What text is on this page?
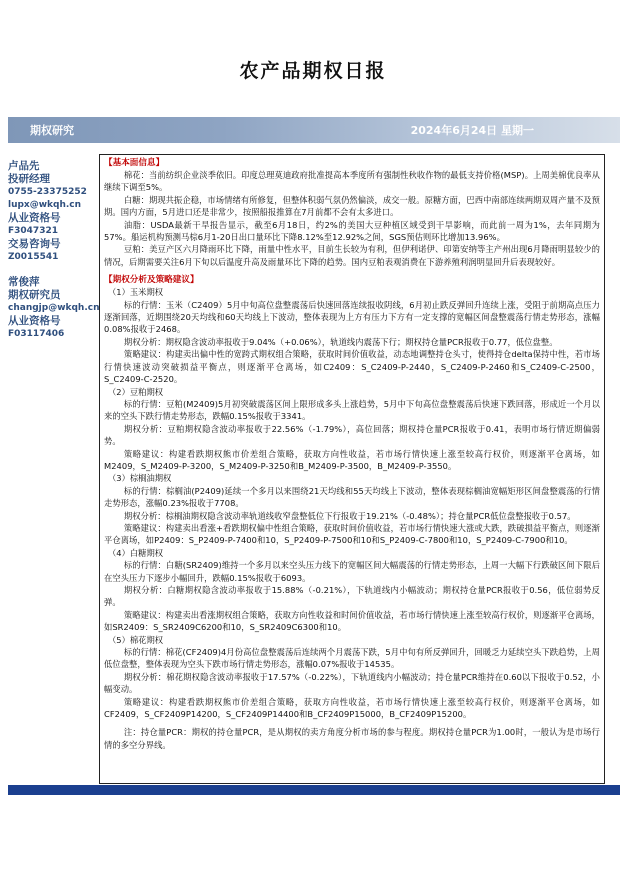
农产品期权日报
期权研究	2024年6月24日 星期一
卢品先
投研经理
0755-23375252
lupx@wkqh.cn
从业资格号
F3047321
交易咨询号
Z0015541
常俊萍
期权研究员
changjp@wkqh.cn
从业资格号
F03117406
【基本面信息】
棉花：当前纺织企业淡季依旧。印度总理莫迪政府批准提高本季度所有强制性秋收作物的最低支持价格(MSP)。上周美棉优良率从继续下调至5%。
白糖：期现共振企稳，市场情绪有所修复，但整体积弱气氛仍然偏淡，成交一般。原糖方面，巴西中南部连续两期双周产量不及预期。国内方面，5月进口还是非常少，按照船报推算在7月前都不会有太多进口。
油脂：USDA最新干旱报告显示，截至6月18日，约2%的美国大豆种植区域受到干旱影响，而此前一周为1%，去年同期为57%。船运机构预测马棕6月1-20日出口量环比下降8.12%至12.92%之间，SGS预估则环比增加13.96%。
豆粕：美豆产区六月降雨环比下降，雨量中性水平，目前生长较为有利，但伊利诺伊、印第安纳等主产州出现6月降雨明显较少的情况，后期需要关注6月下旬以后温度升高及雨量环比下降的趋势。国内豆粕表观消费在下游养殖利润明显回升后表现较好。
【期权分析及策略建议】
（1）玉米期权
标的行情：玉米（C2409）5月中旬高位盘整震荡后快速回落连续报收阴线，6月初止跌反弹回升连续上涨，受阻于前期高点压力逐渐回落，近期围绕20天均线和60天均线上下波动，整体表现为上方有压力下方有一定支撑的宽幅区间盘整震荡行情走势形态，涨幅0.08%报收于2468。
期权分析：期权隐含波动率报收于9.04%（+0.06%），轨道线内震荡下行；期权持仓量PCR报收于0.77，低位盘整。
策略建议：构建卖出偏中性的宽跨式期权组合策略，获取时间价值收益，动态地调整持仓头寸，使得持仓delta保持中性，若市场行情快速波动突破损益平衡点，则逐渐平仓离场，如C2409：S_C2409-P-2440，S_C2409-P-2460和S_C2409-C-2500，S_C2409-C-2520。
（2）豆粕期权
标的行情：豆粕(M2409)5月初突破震荡区间上限形成多头上涨趋势，5月中下旬高位盘整震荡后快速下跌回落，形成近一个月以来的空头下跌行情走势形态，跌幅0.15%报收于3341。
期权分析：豆粕期权隐含波动率报收于22.56%（-1.79%），高位回落；期权持仓量PCR报收于0.41，表明市场行情近期偏弱势。
策略建议：构建看跌期权熊市价差组合策略，获取方向性收益，若市场行情快速上涨至较高行权价，则逐渐平仓离场，如M2409，S_M2409-P-3200，S_M2409-P-3250和B_M2409-P-3500，B_M2409-P-3550。
（3）棕榈油期权
标的行情：棕榈油(P2409)延续一个多月以来围绕21天均线和55天均线上下波动，整体表现棕榈油宽幅矩形区间盘整震荡的行情走势形态，涨幅0.23%报收于7708。
期权分析：棕榈油期权隐含波动率轨道线收窄盘整低位下行报收于19.21%（-0.48%）；持仓量PCR低位盘整报收于0.57。
策略建议：构建卖出看涨+看跌期权偏中性组合策略，获取时间价值收益，若市场行情快速大涨或大跌，跌破损益平衡点，则逐渐平仓离场，如P2409：S_P2409-P-7400和10，S_P2409-P-7500和10和S_P2409-C-7800和10，S_P2409-C-7900和10。
（4）白糖期权
标的行情：白糖(SR2409)维持一个多月以来空头压力线下的宽幅区间大幅震荡的行情走势形态，上周一大幅下行跌破区间下限后在空头压力下逐步小幅回升，跌幅0.15%报收于6093。
期权分析：白糖期权隐含波动率报收于15.88%（-0.21%），下轨道线内小幅波动；期权持仓量PCR报收于0.56，低位弱势反弹。
策略建议：构建卖出看涨期权组合策略，获取方向性收益和时间价值收益，若市场行情快速上涨至较高行权价，则逐渐平仓离场，如SR2409：S_SR2409C6200和10，S_SR2409C6300和10。
（5）棉花期权
标的行情：棉花(CF2409)4月份高位盘整震荡后连续两个月震荡下跌，5月中旬有所反弹回升，回暖乏力延续空头下跌趋势，上周低位盘整，整体表现为空头下跌市场行情走势形态，涨幅0.07%报收于14535。
期权分析：棉花期权隐含波动率报收于17.57%（-0.22%），下轨道线内小幅波动；持仓量PCR维持在0.60以下报收于0.52，小幅变动。
策略建议：构建看跌期权熊市价差组合策略，获取方向性收益，若市场行情快速上涨至较高行权价，则逐渐平仓离场，如CF2409，S_CF2409P14200，S_CF2409P14400和B_CF2409P15000，B_CF2409P15200。
注：持仓量PCR：期权的持仓量PCR，是从期权的卖方角度分析市场的参与程度。期权持仓量PCR为1.00时，一般认为是市场行情的多空分界线。
